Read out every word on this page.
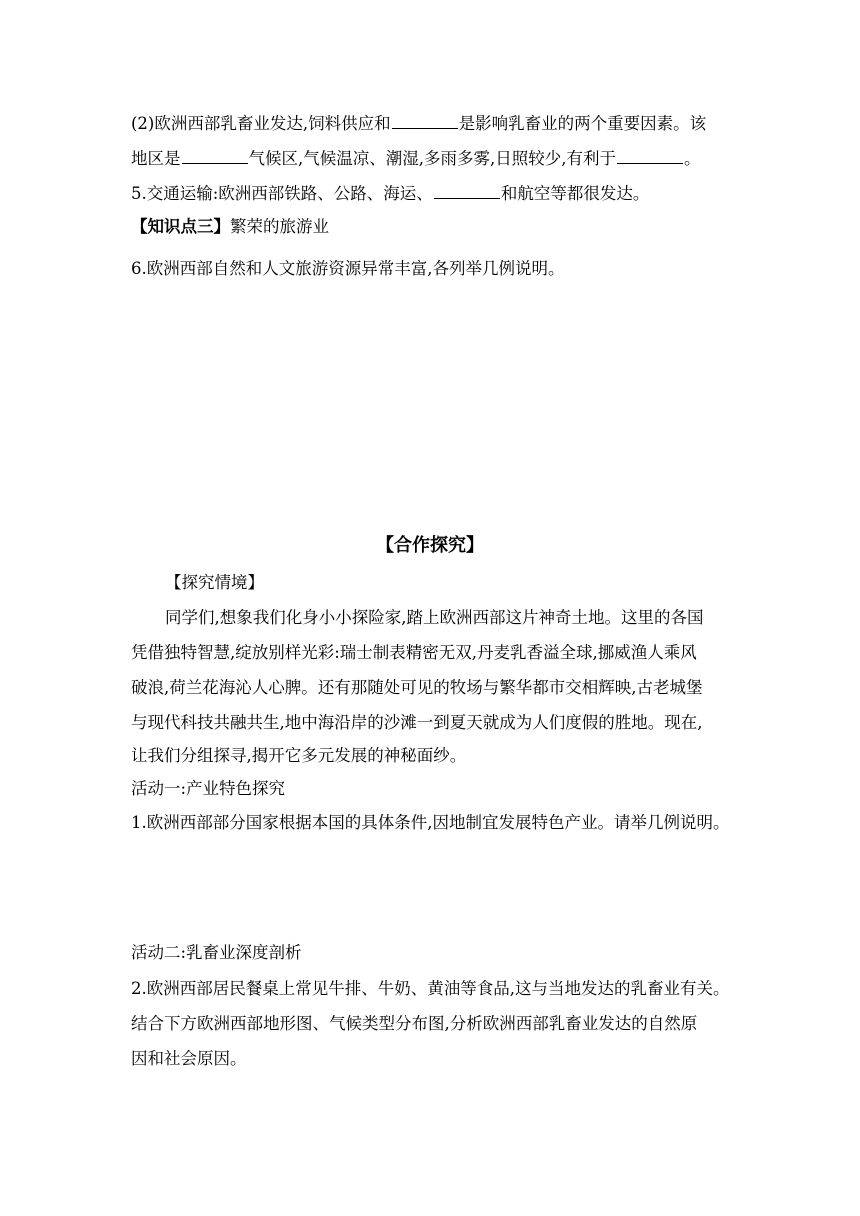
(2)欧洲西部乳畜业发达,饲料供应和	是影响乳畜业的两个重要因素。该
地区是	气候区,气候温凉、潮湿,多雨多雾,日照较少,有利于	。
5.交通运输:欧洲西部铁路、公路、海运、	和航空等都很发达。
【知识点三】繁荣的旅游业
6.欧洲西部自然和人文旅游资源异常丰富,各列举几例说明。
【合作探究】
【探究情境】
同学们,想象我们化身小小探险家,踏上欧洲西部这片神奇土地。这里的各国
凭借独特智慧,绽放别样光彩:瑞士制表精密无双,丹麦乳香溢全球,挪威渔人乘风
破浪,荷兰花海沁人心脾。还有那随处可见的牧场与繁华都市交相辉映,古老城堡
与现代科技共融共生,地中海沿岸的沙滩一到夏天就成为人们度假的胜地。现在,
让我们分组探寻,揭开它多元发展的神秘面纱。
活动一:产业特色探究
1.欧洲西部部分国家根据本国的具体条件,因地制宜发展特色产业。请举几例说明。
活动二:乳畜业深度剖析
2.欧洲西部居民餐桌上常见牛排、牛奶、黄油等食品,这与当地发达的乳畜业有关。
结合下方欧洲西部地形图、气候类型分布图,分析欧洲西部乳畜业发达的自然原
因和社会原因。
